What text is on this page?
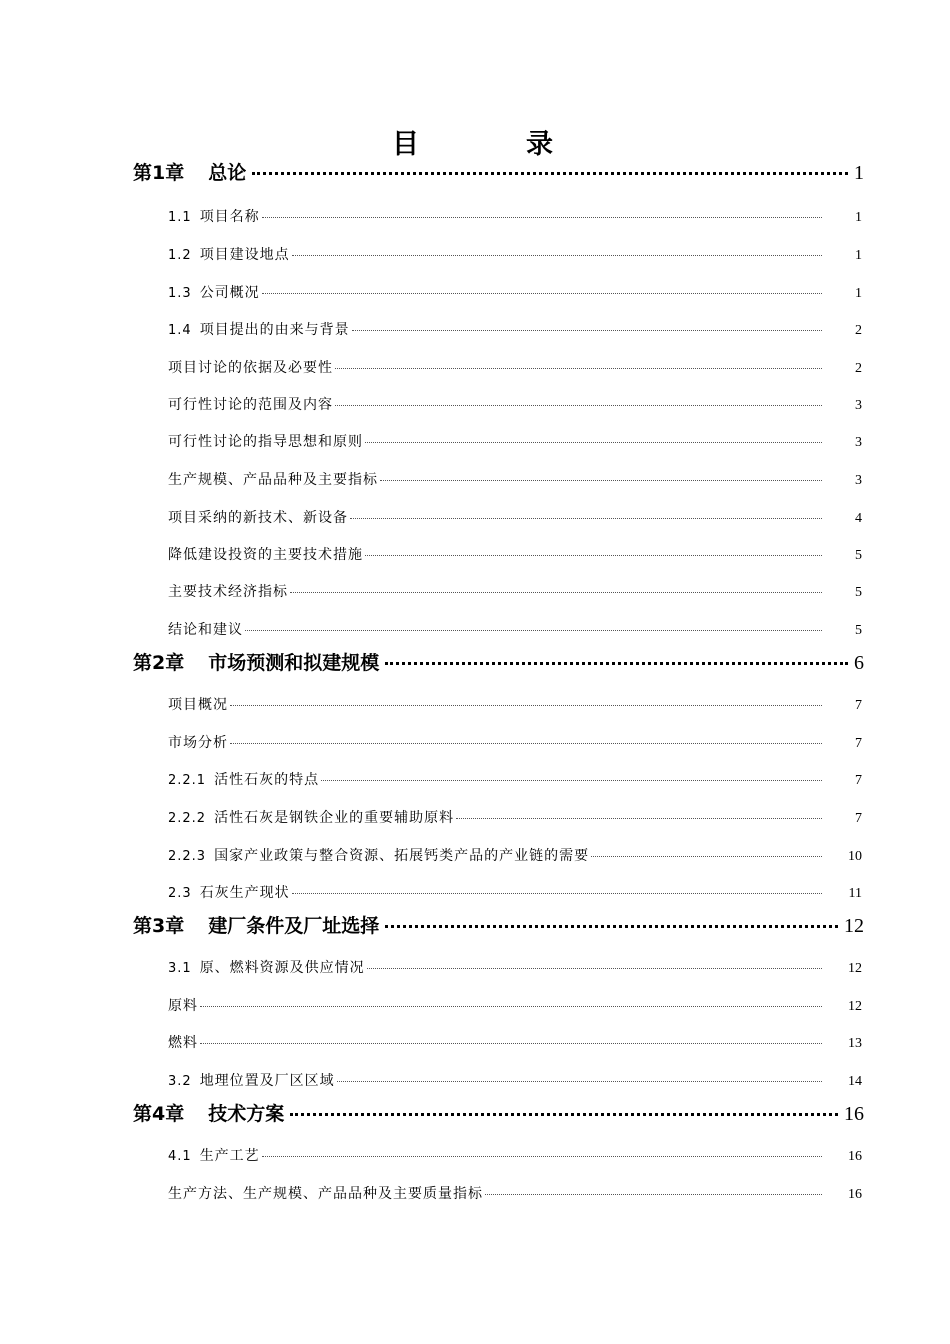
目　录
第1章 总论	1
1.1 项目名称	1
1.2 项目建设地点	1
1.3 公司概况	1
1.4 项目提出的由来与背景	2
项目讨论的依据及必要性	2
可行性讨论的范围及内容	3
可行性讨论的指导思想和原则	3
生产规模、产品品种及主要指标	3
项目采纳的新技术、新设备	4
降低建设投资的主要技术措施	5
主要技术经济指标	5
结论和建议	5
第2章 市场预测和拟建规模	6
项目概况	7
市场分析	7
2.2.1 活性石灰的特点	7
2.2.2 活性石灰是钢铁企业的重要辅助原料	7
2.2.3 国家产业政策与整合资源、拓展钙类产品的产业链的需要	10
2.3 石灰生产现状	11
第3章 建厂条件及厂址选择	12
3.1 原、燃料资源及供应情况	12
原料	12
燃料	13
3.2 地理位置及厂区区域	14
第4章 技术方案	16
4.1 生产工艺	16
生产方法、生产规模、产品品种及主要质量指标	16
